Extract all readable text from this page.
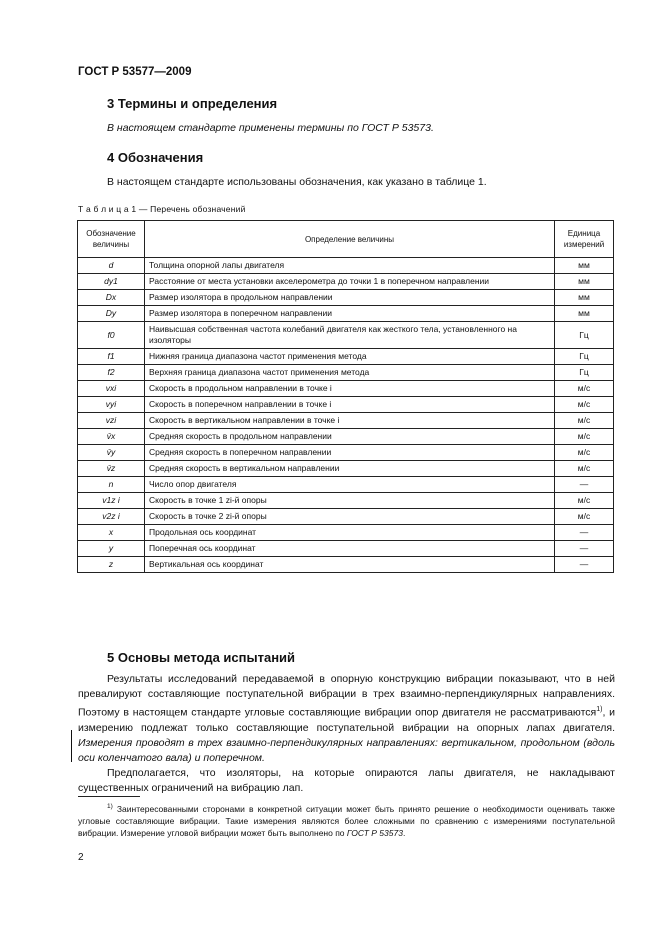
ГОСТ Р 53577—2009
3 Термины и определения
В настоящем стандарте применены термины по ГОСТ Р 53573.
4 Обозначения
В настоящем стандарте использованы обозначения, как указано в таблице 1.
Т а б л и ц а 1 — Перечень обозначений
Обозначение величины	Определение величины	Единица измерений
d	Толщина опорной лапы двигателя	мм
dy1	Расстояние от места установки акселерометра до точки 1 в поперечном направлении	мм
Dx	Размер изолятора в продольном направлении	мм
Dy	Размер изолятора в поперечном направлении	мм
f0	Наивысшая собственная частота колебаний двигателя как жесткого тела, установленного на изоляторы	Гц
f1	Нижняя граница диапазона частот применения метода	Гц
f2	Верхняя граница диапазона частот применения метода	Гц
vxi	Скорость в продольном направлении в точке i	м/с
vyi	Скорость в поперечном направлении в точке i	м/с
vzi	Скорость в вертикальном направлении в точке i	м/с
v̄x	Средняя скорость в продольном направлении	м/с
v̄y	Средняя скорость в поперечном направлении	м/с
v̄z	Средняя скорость в вертикальном направлении	м/с
n	Число опор двигателя	—
v1z i	Скорость в точке 1 zi-й опоры	м/с
v2z i	Скорость в точке 2 zi-й опоры	м/с
x	Продольная ось координат	—
y	Поперечная ось координат	—
z	Вертикальная ось координат	—
5 Основы метода испытаний

Результаты исследований передаваемой в опорную конструкцию вибрации показывают, что в ней превалируют составляющие поступательной вибрации в трех взаимно-перпендикулярных направлениях. Поэтому в настоящем стандарте угловые составляющие вибрации опор двигателя не рассматриваются$^{1)}$, и измерению подлежат только составляющие поступательной вибрации на опорных лапах двигателя. Измерения проводят в трех взаимно-перпендикулярных направлениях: вертикальном, продольном (вдоль оси коленчатого вала) и поперечном.

Предполагается, что изоляторы, на которые опираются лапы двигателя, не накладывают существенных ограничений на вибрацию лап.

$^{1)}$ Заинтересованными сторонами в конкретной ситуации может быть принято решение о необходимости оценивать также угловые составляющие вибрации. Такие измерения являются более сложными по сравнению с измерениями поступательной вибрации. Измерение угловой вибрации может быть выполнено по ГОСТ Р 53573.

2
